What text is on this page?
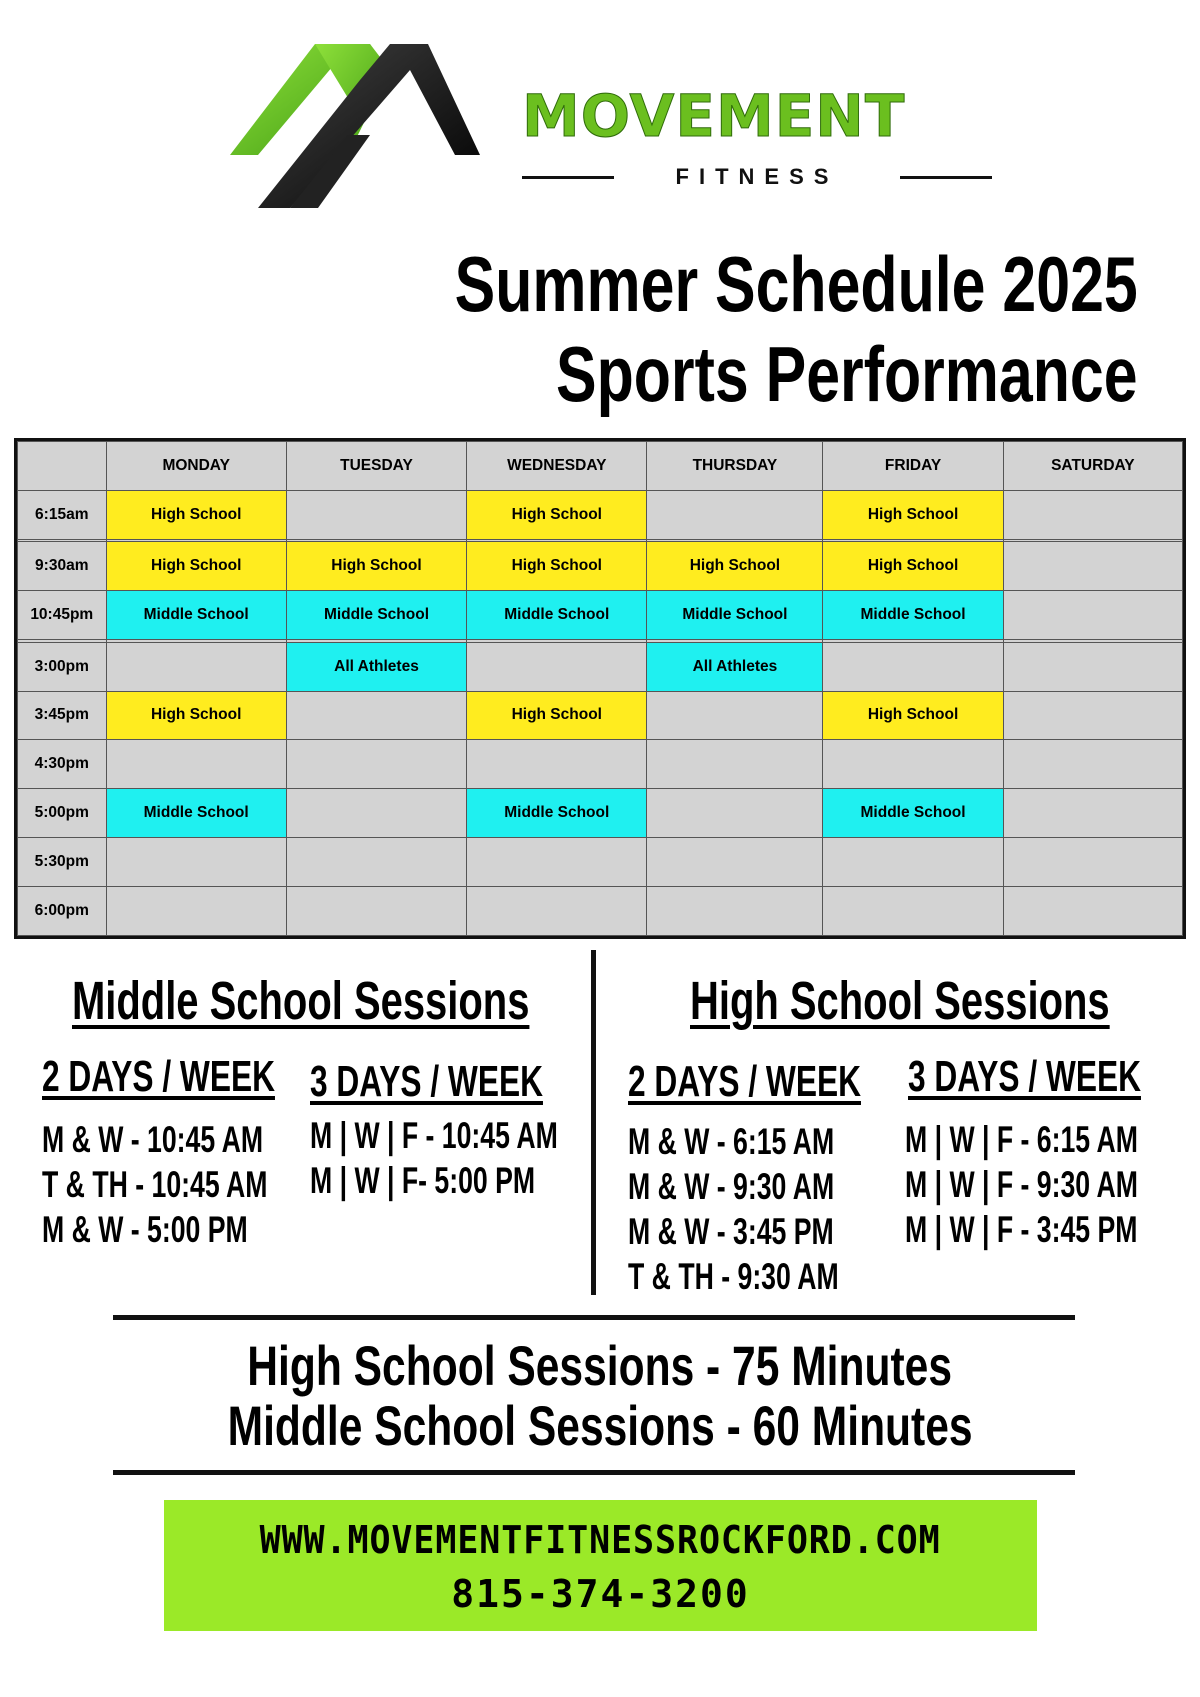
MOVEMENT
FITNESS
Summer Schedule 2025
Sports Performance
	MONDAY	TUESDAY	WEDNESDAY	THURSDAY	FRIDAY	SATURDAY
6:15am	High School		High School		High School	

9:30am	High School	High School	High School	High School	High School	
10:45pm	Middle School	Middle School	Middle School	Middle School	Middle School	

3:00pm		All Athletes		All Athletes		
3:45pm	High School		High School		High School	
4:30pm						
5:00pm	Middle School		Middle School		Middle School	
5:30pm						
6:00pm						
Middle School Sessions
2 DAYS / WEEK 3 DAYS / WEEK
M & W - 10:45 AM
T & TH - 10:45 AM
M & W - 5:00 PM
M | W | F - 10:45 AM
M | W | F- 5:00 PM
High School Sessions
2 DAYS / WEEK 3 DAYS / WEEK
M & W - 6:15 AM
M & W - 9:30 AM
M & W - 3:45 PM
T & TH - 9:30 AM
M | W | F - 6:15 AM
M | W | F - 9:30 AM
M | W | F - 3:45 PM
High School Sessions - 75 Minutes
Middle School Sessions - 60 Minutes
WWW.MOVEMENTFITNESSROCKFORD.COM
815-374-3200
